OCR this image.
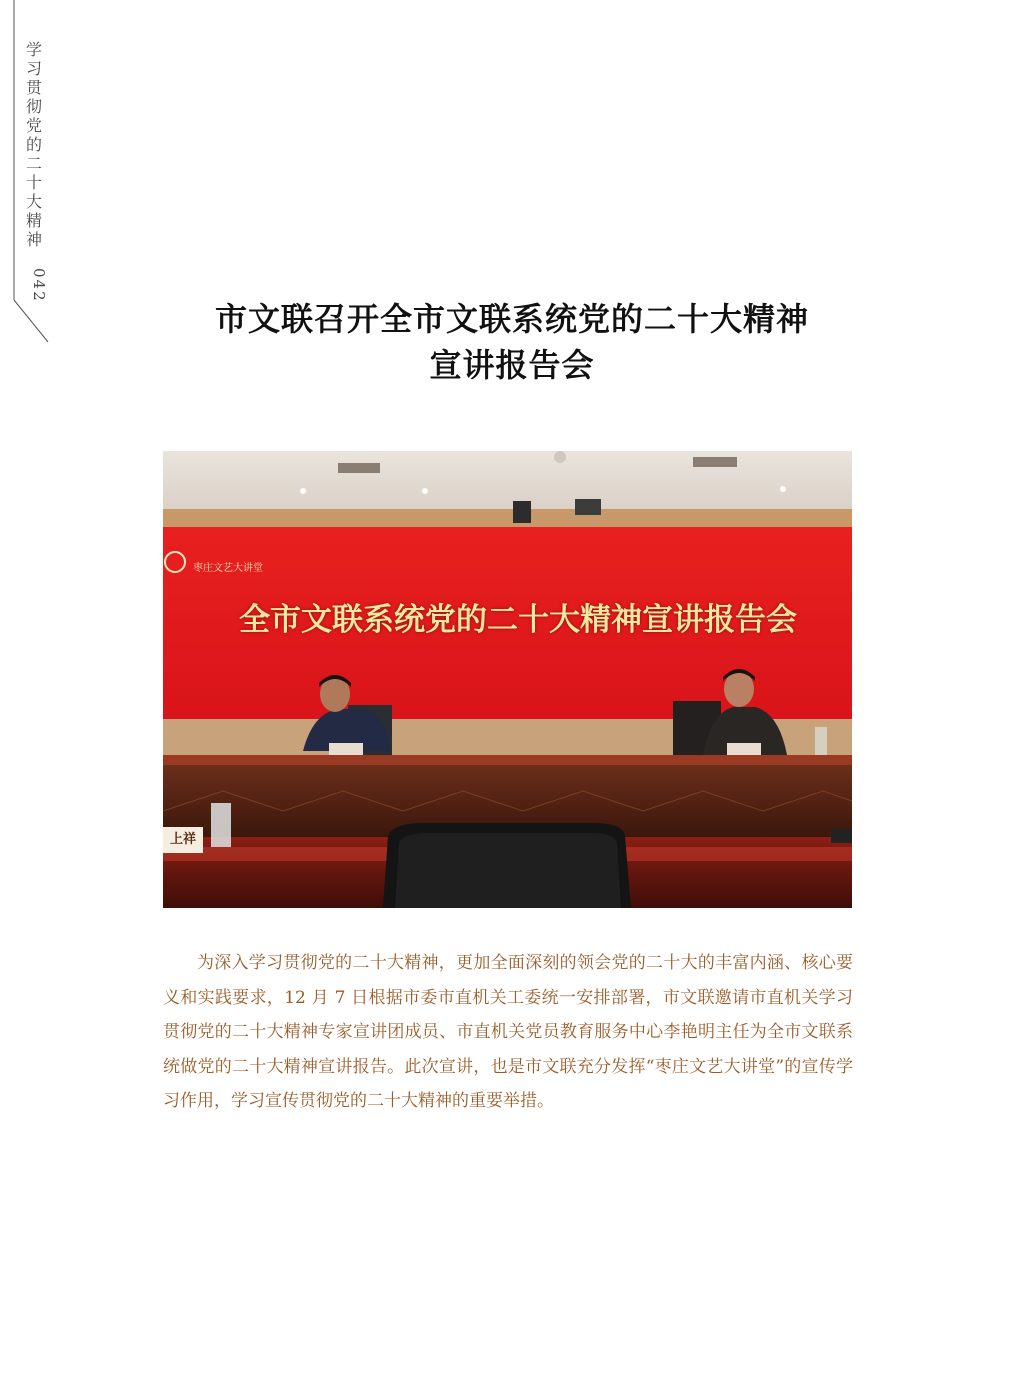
学习贯彻党的二十大精神
042
市文联召开全市文联系统党的二十大精神
宣讲报告会
枣庄文艺大讲堂
全市文联系统党的二十大精神宣讲报告会
上祥

为深入学习贯彻党的二十大精神，更加全面深刻的领会党的二十大的丰富内涵、核心要义和实践要求，12 月 7 日根据市委市直机关工委统一安排部署，市文联邀请市直机关学习贯彻党的二十大精神专家宣讲团成员、市直机关党员教育服务中心李艳明主任为全市文联系统做党的二十大精神宣讲报告。此次宣讲，也是市文联充分发挥“枣庄文艺大讲堂”的宣传学习作用，学习宣传贯彻党的二十大精神的重要举措。
